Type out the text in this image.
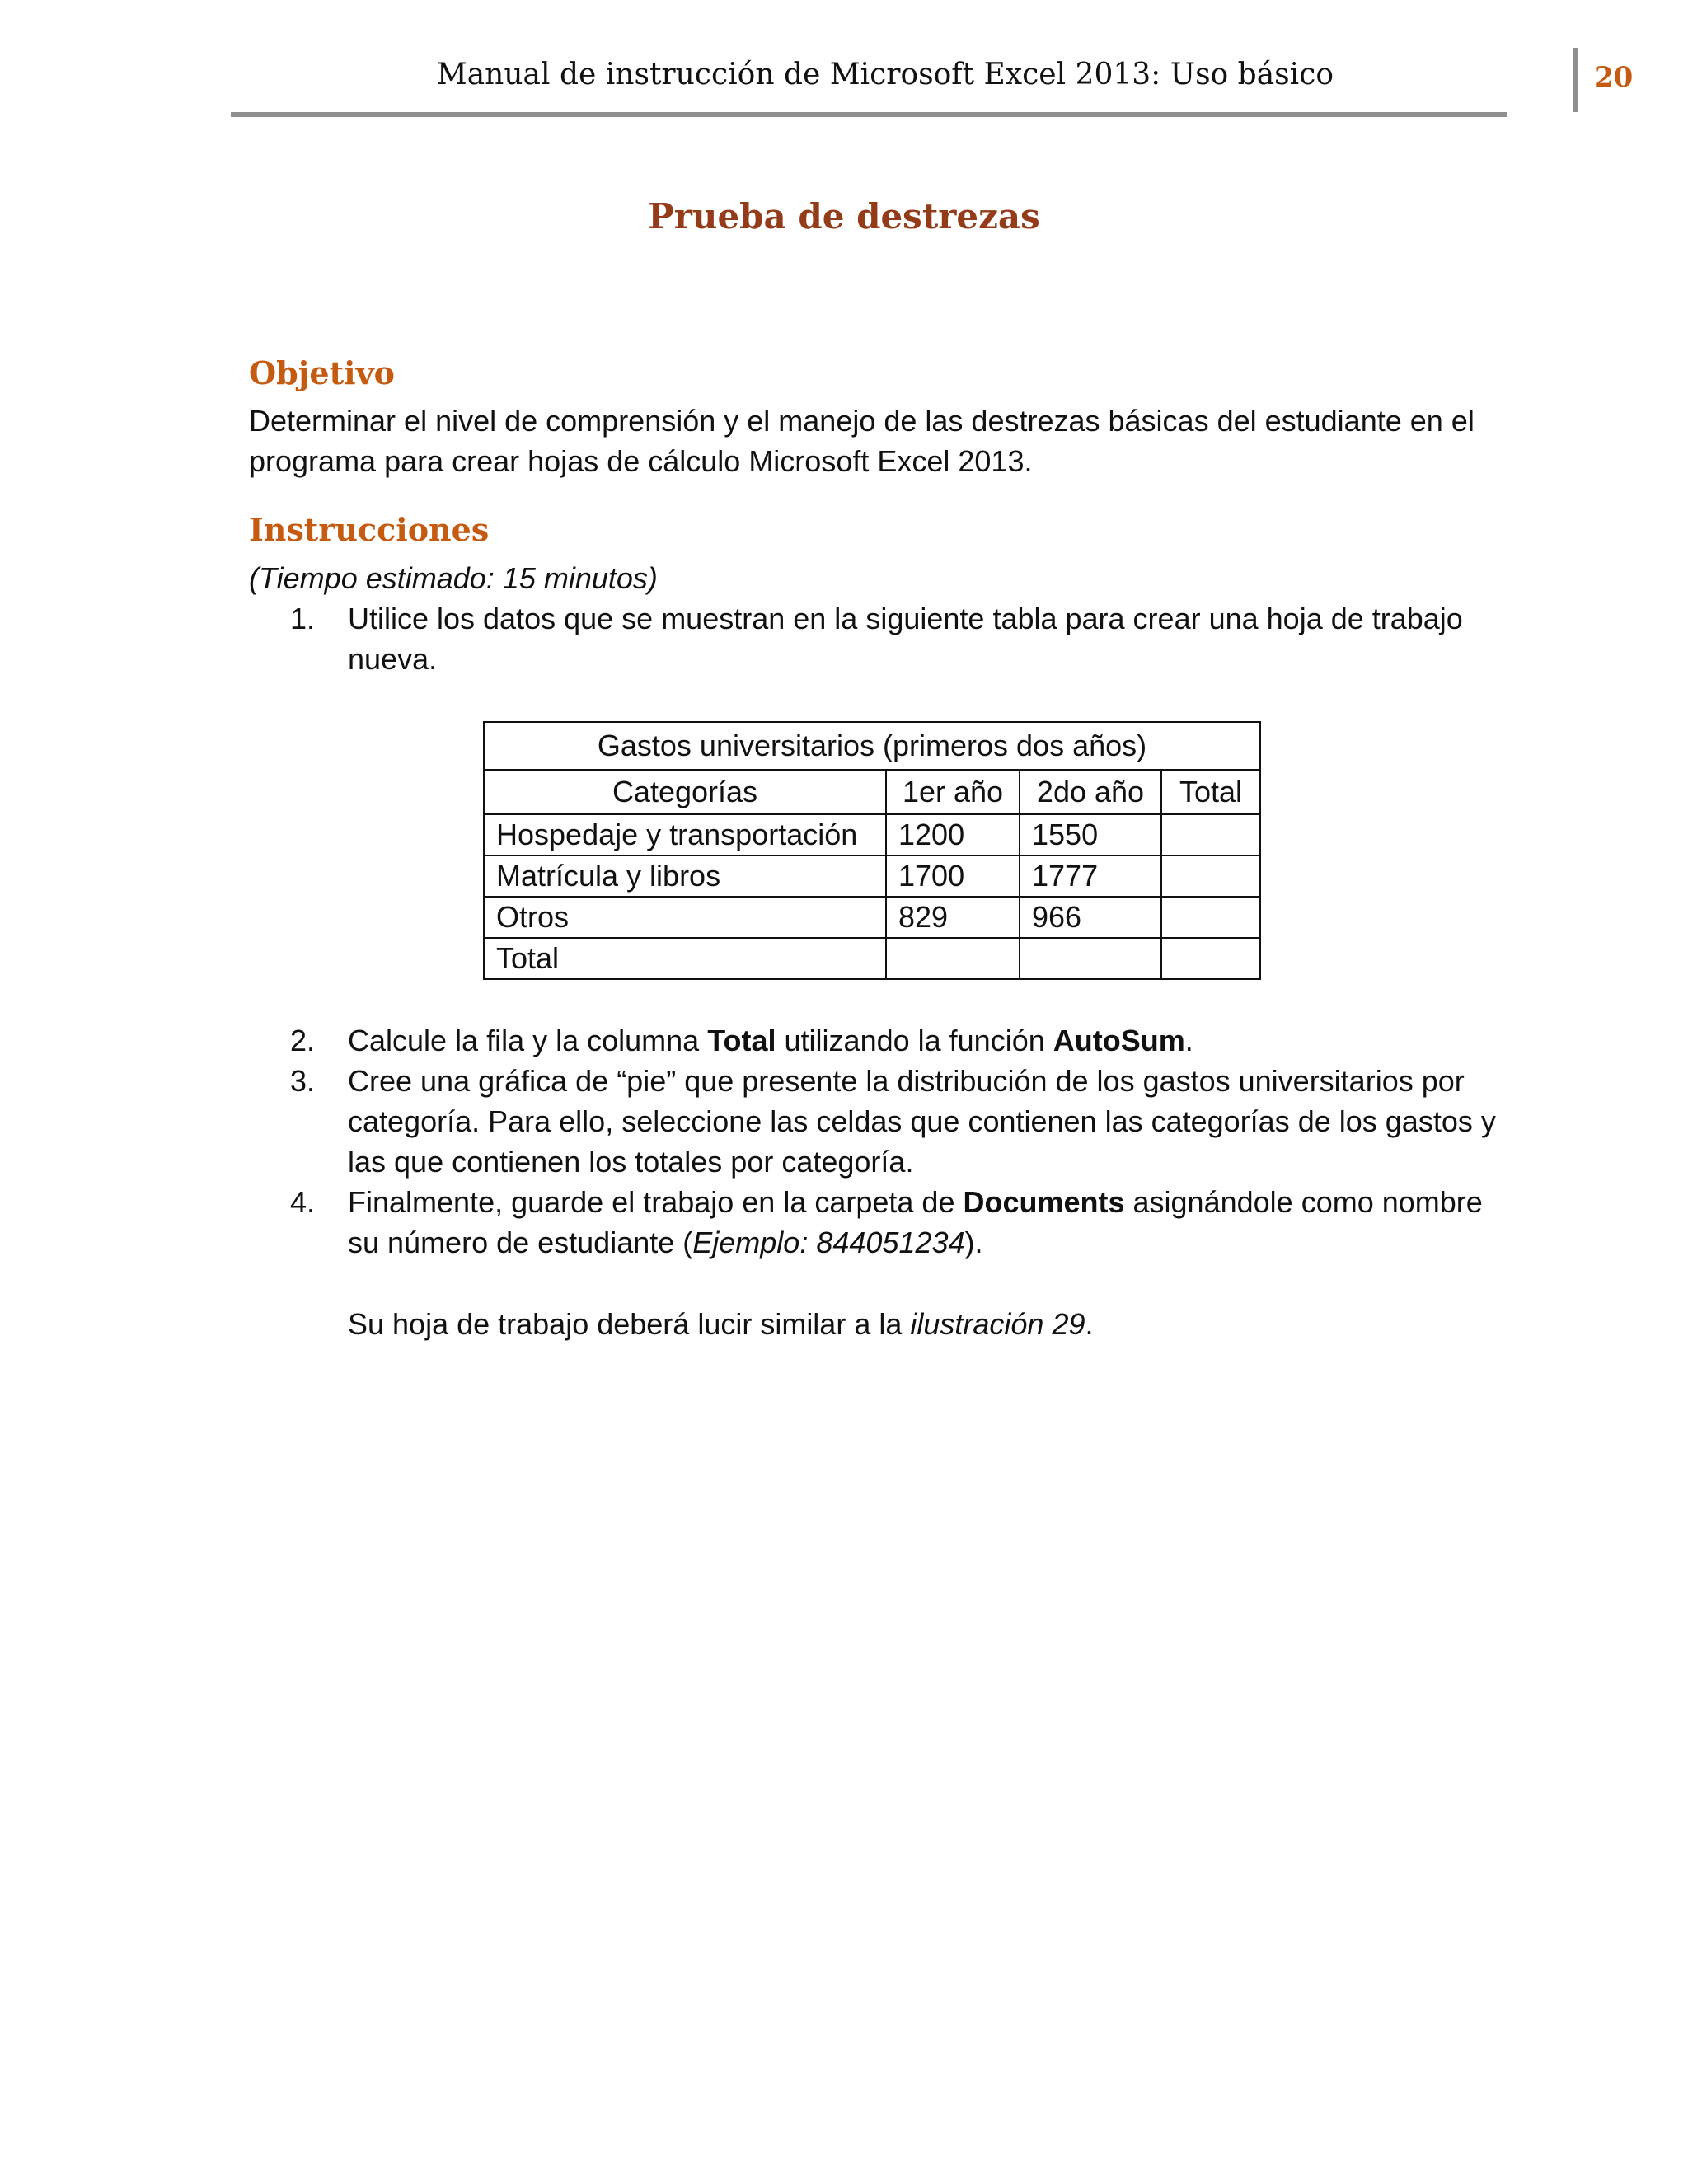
Manual de instrucción de Microsoft Excel 2013: Uso básico	20
Prueba de destrezas
Objetivo
Determinar el nivel de comprensión y el manejo de las destrezas básicas del estudiante en el programa para crear hojas de cálculo Microsoft Excel 2013.
Instrucciones
(Tiempo estimado: 15 minutos)
1. Utilice los datos que se muestran en la siguiente tabla para crear una hoja de trabajo nueva.
Gastos universitarios (primeros dos años)			
Categorías	1er año	2do año	Total
Hospedaje y transportación	1200	1550	
Matrícula y libros	1700	1777	
Otros	829	966	
Total			
2. Calcule la fila y la columna Total utilizando la función AutoSum.
3. Cree una gráfica de “pie” que presente la distribución de los gastos universitarios por categoría. Para ello, seleccione las celdas que contienen las categorías de los gastos y las que contienen los totales por categoría.
4. Finalmente, guarde el trabajo en la carpeta de Documents asignándole como nombre su número de estudiante (Ejemplo: 844051234).
Su hoja de trabajo deberá lucir similar a la ilustración 29.
